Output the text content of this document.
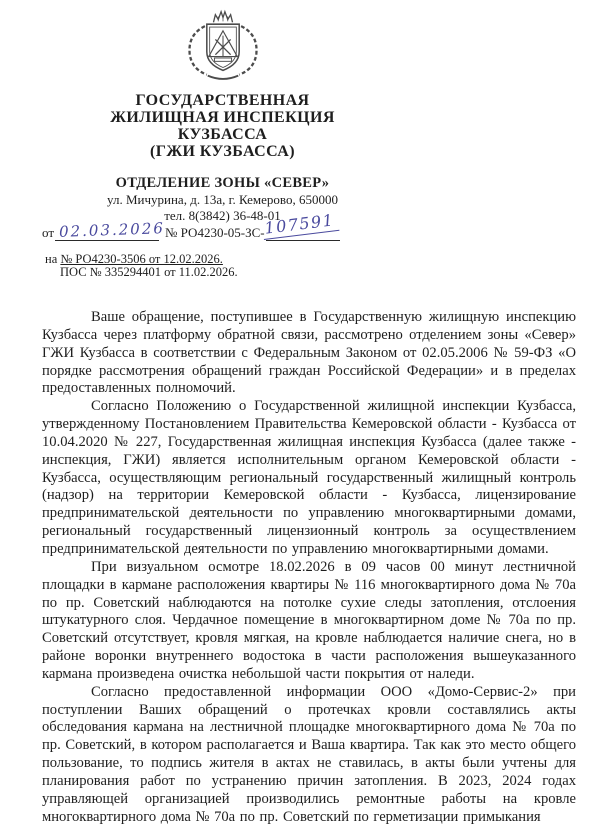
ГОСУДАРСТВЕННАЯ
ЖИЛИЩНАЯ ИНСПЕКЦИЯ
КУЗБАССА
(ГЖИ КУЗБАССА)
ОТДЕЛЕНИЕ ЗОНЫ «СЕВЕР»
ул. Мичурина, д. 13а, г. Кемерово, 650000
тел. 8(3842) 36-48-01
от 02.03.2026 № РО4230-05-ЗС-
107591
на № РО4230-3506 от 12.02.2026.
ПОС № 335294401 от 11.02.2026.

Ваше обращение, поступившее в Государственную жилищную инспекцию Кузбасса через платформу обратной связи, рассмотрено отделением зоны «Север» ГЖИ Кузбасса в соответствии с Федеральным Законом от 02.05.2006 № 59-ФЗ «О порядке рассмотрения обращений граждан Российской Федерации» и в пределах предоставленных полномочий.

Согласно Положению о Государственной жилищной инспекции Кузбасса, утвержденному Постановлением Правительства Кемеровской области - Кузбасса от 10.04.2020 № 227, Государственная жилищная инспекция Кузбасса (далее также - инспекция, ГЖИ) является исполнительным органом Кемеровской области - Кузбасса, осуществляющим региональный государственный жилищный контроль (надзор) на территории Кемеровской области - Кузбасса, лицензирование предпринимательской деятельности по управлению многоквартирными домами, региональный государственный лицензионный контроль за осуществлением предпринимательской деятельности по управлению многоквартирными домами.

При визуальном осмотре 18.02.2026 в 09 часов 00 минут лестничной площадки в кармане расположения квартиры № 116 многоквартирного дома № 70а по пр. Советский наблюдаются на потолке сухие следы затопления, отслоения штукатурного слоя. Чердачное помещение в многоквартирном доме № 70а по пр. Советский отсутствует, кровля мягкая, на кровле наблюдается наличие снега, но в районе воронки внутреннего водостока в части расположения вышеуказанного кармана произведена очистка небольшой части покрытия от наледи.

Согласно предоставленной информации ООО «Домо-Сервис-2» при поступлении Ваших обращений о протечках кровли составлялись акты обследования кармана на лестничной площадке многоквартирного дома № 70а по пр. Советский, в котором располагается и Ваша квартира. Так как это место общего пользование, то подпись жителя в актах не ставилась, в акты были учтены для планирования работ по устранению причин затопления. В 2023, 2024 годах управляющей организацией производились ремонтные работы на кровле многоквартирного дома № 70а по пр. Советский по герметизации примыкания
